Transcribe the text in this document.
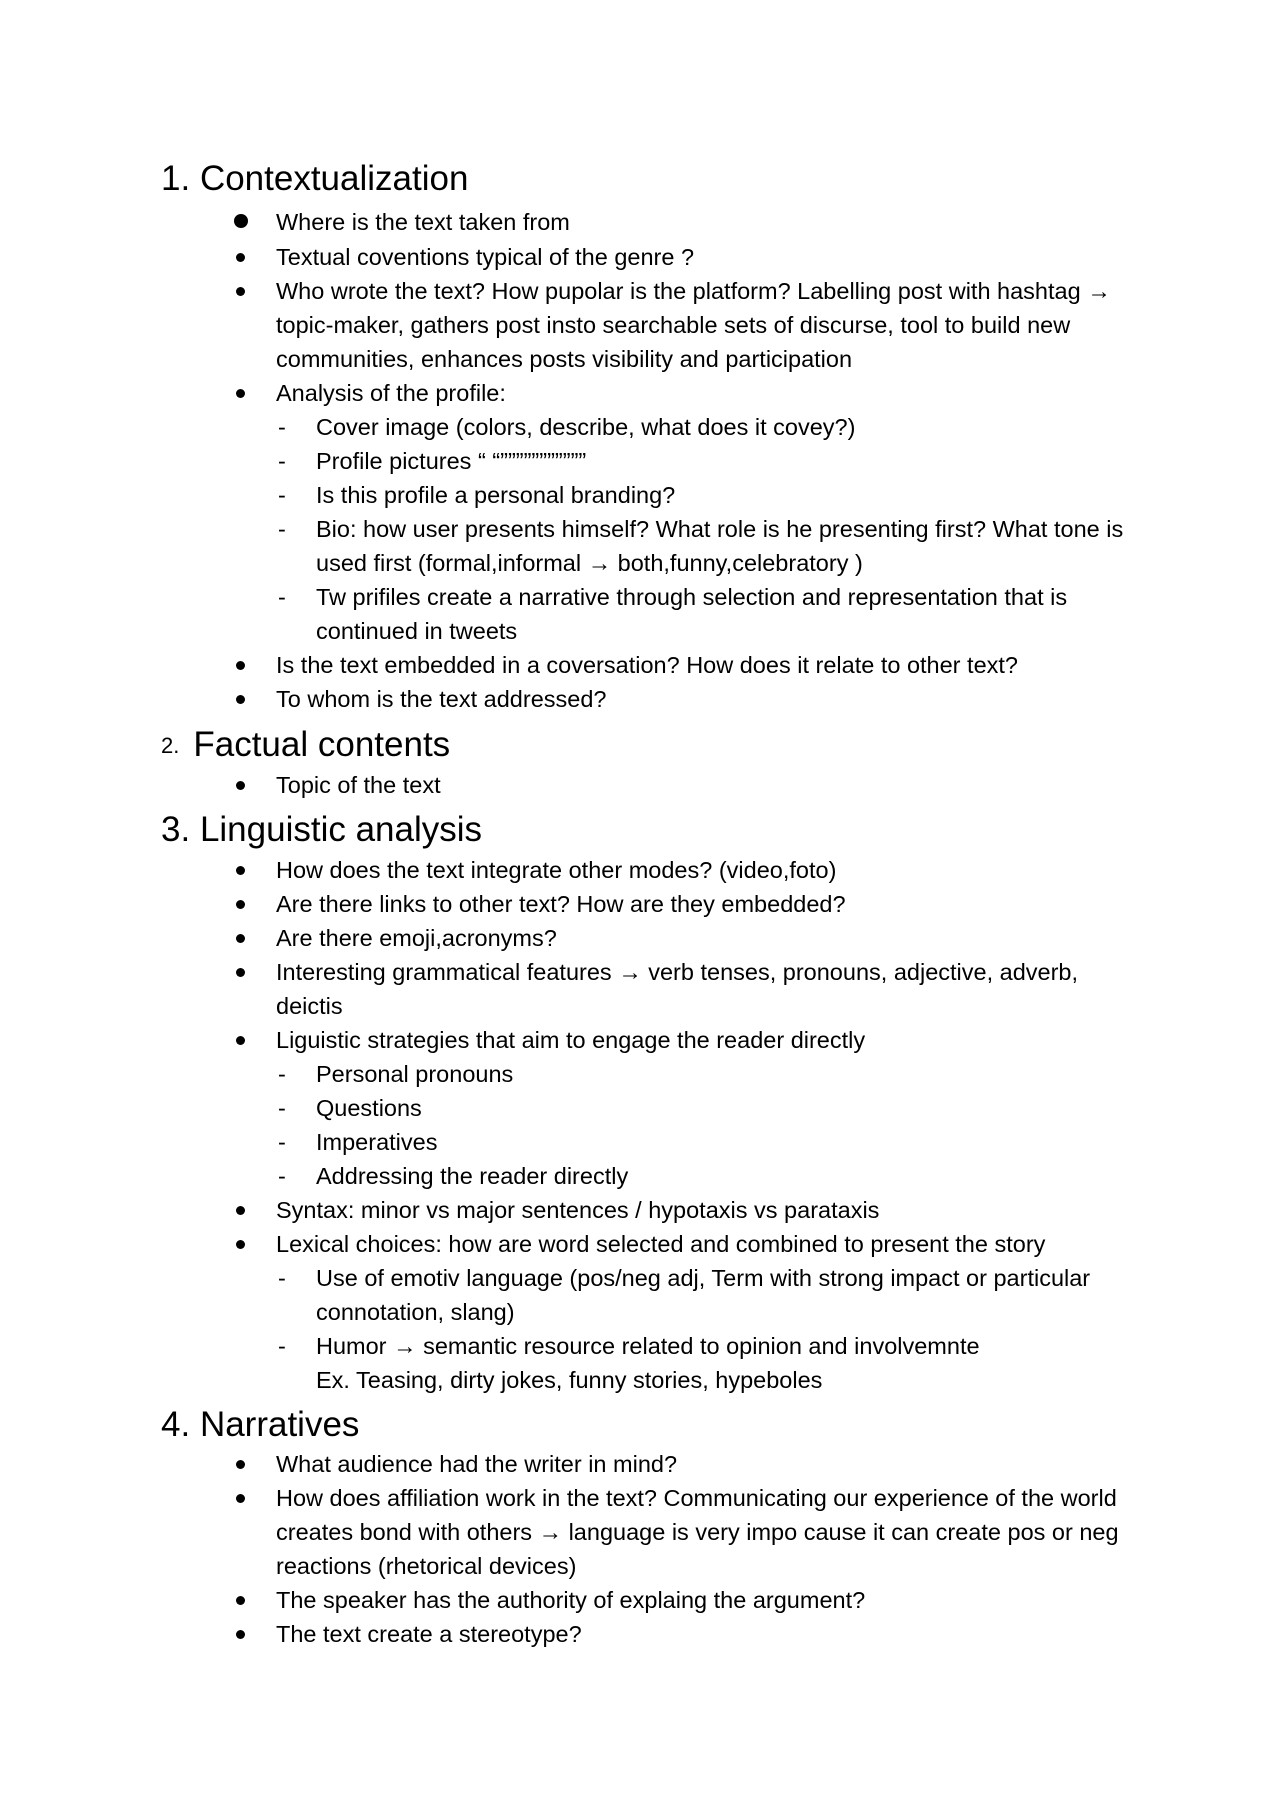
1. Contextualization
Where is the text taken from
Textual coventions typical of the genre ?
Who wrote the text? How pupolar is the platform? Labelling post with hashtag →
topic-maker, gathers post insto searchable sets of discurse, tool to build new
communities, enhances posts visibility and participation
Analysis of the profile:
- Cover image (colors, describe, what does it covey?)
- Profile pictures “ “”””””””””””
- Is this profile a personal branding?
- Bio: how user presents himself? What role is he presenting first? What tone is
used first (formal,informal → both,funny,celebratory )
- Tw prifiles create a narrative through selection and representation that is
continued in tweets
Is the text embedded in a coversation? How does it relate to other text?
To whom is the text addressed?
2. Factual contents
Topic of the text
3. Linguistic analysis
How does the text integrate other modes? (video,foto)
Are there links to other text? How are they embedded?
Are there emoji,acronyms?
Interesting grammatical features → verb tenses, pronouns, adjective, adverb,
deictis
Liguistic strategies that aim to engage the reader directly
- Personal pronouns
- Questions
- Imperatives
- Addressing the reader directly
Syntax: minor vs major sentences / hypotaxis vs parataxis
Lexical choices: how are word selected and combined to present the story
- Use of emotiv language (pos/neg adj, Term with strong impact or particular
connotation, slang)
- Humor → semantic resource related to opinion and involvemnte
Ex. Teasing, dirty jokes, funny stories, hypeboles
4. Narratives
What audience had the writer in mind?
How does affiliation work in the text? Communicating our experience of the world
creates bond with others → language is very impo cause it can create pos or neg
reactions (rhetorical devices)
The speaker has the authority of explaing the argument?
The text create a stereotype?
